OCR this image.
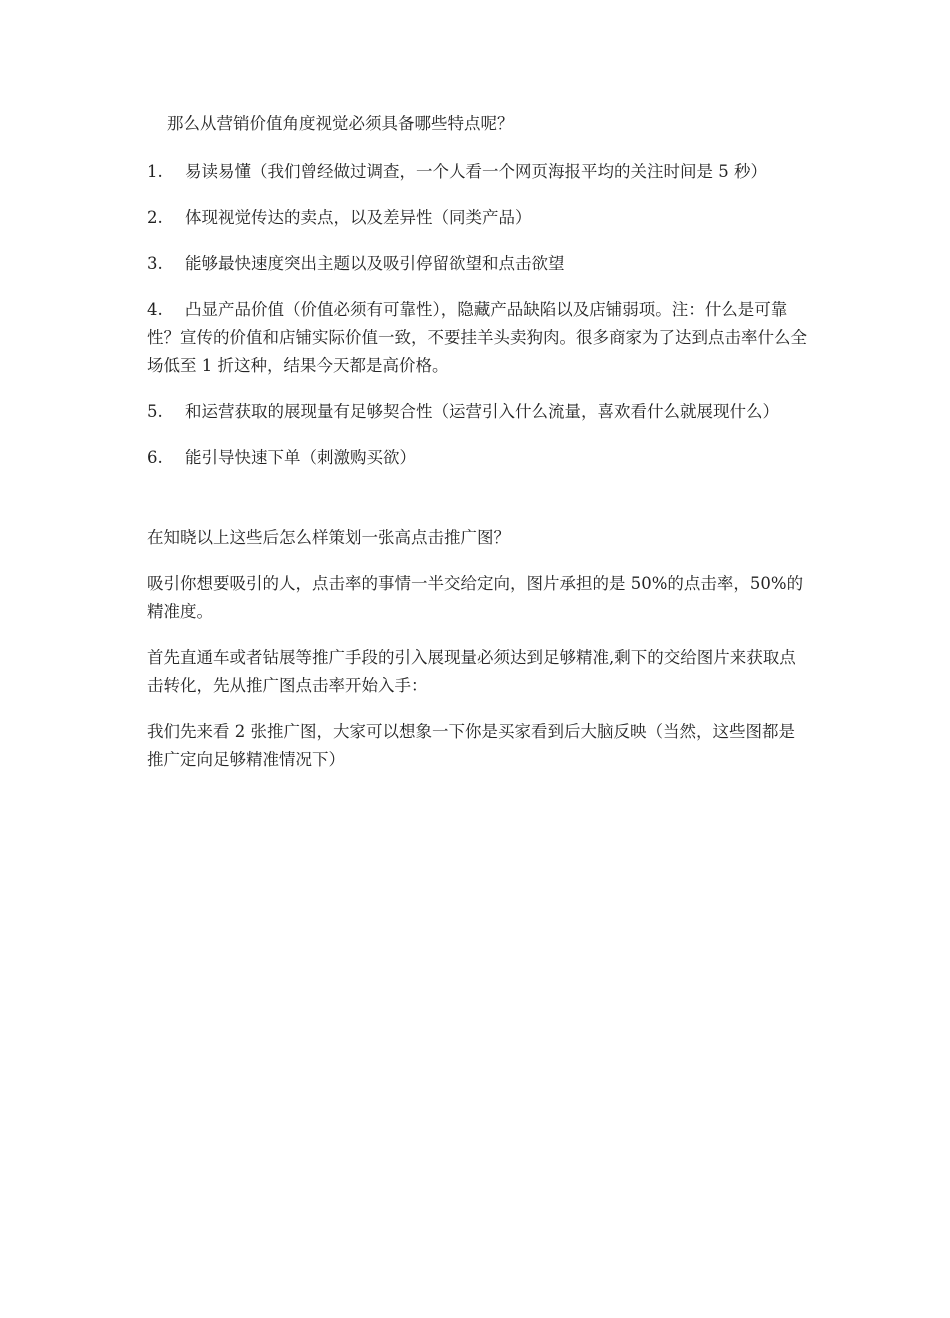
那么从营销价值角度视觉必须具备哪些特点呢？

1. 易读易懂（我们曾经做过调查，一个人看一个网页海报平均的关注时间是 5 秒）

2. 体现视觉传达的卖点，以及差异性（同类产品）

3. 能够最快速度突出主题以及吸引停留欲望和点击欲望

4. 凸显产品价值（价值必须有可靠性），隐藏产品缺陷以及店铺弱项。注：什么是可靠性？宣传的价值和店铺实际价值一致，不要挂羊头卖狗肉。很多商家为了达到点击率什么全场低至 1 折这种，结果今天都是高价格。

5. 和运营获取的展现量有足够契合性（运营引入什么流量，喜欢看什么就展现什么）

6. 能引导快速下单（刺激购买欲）

在知晓以上这些后怎么样策划一张高点击推广图？

吸引你想要吸引的人，点击率的事情一半交给定向，图片承担的是 50%的点击率，50%的精准度。

首先直通车或者钻展等推广手段的引入展现量必须达到足够精准,剩下的交给图片来获取点击转化，先从推广图点击率开始入手：

我们先来看 2 张推广图，大家可以想象一下你是买家看到后大脑反映（当然，这些图都是推广定向足够精准情况下）
